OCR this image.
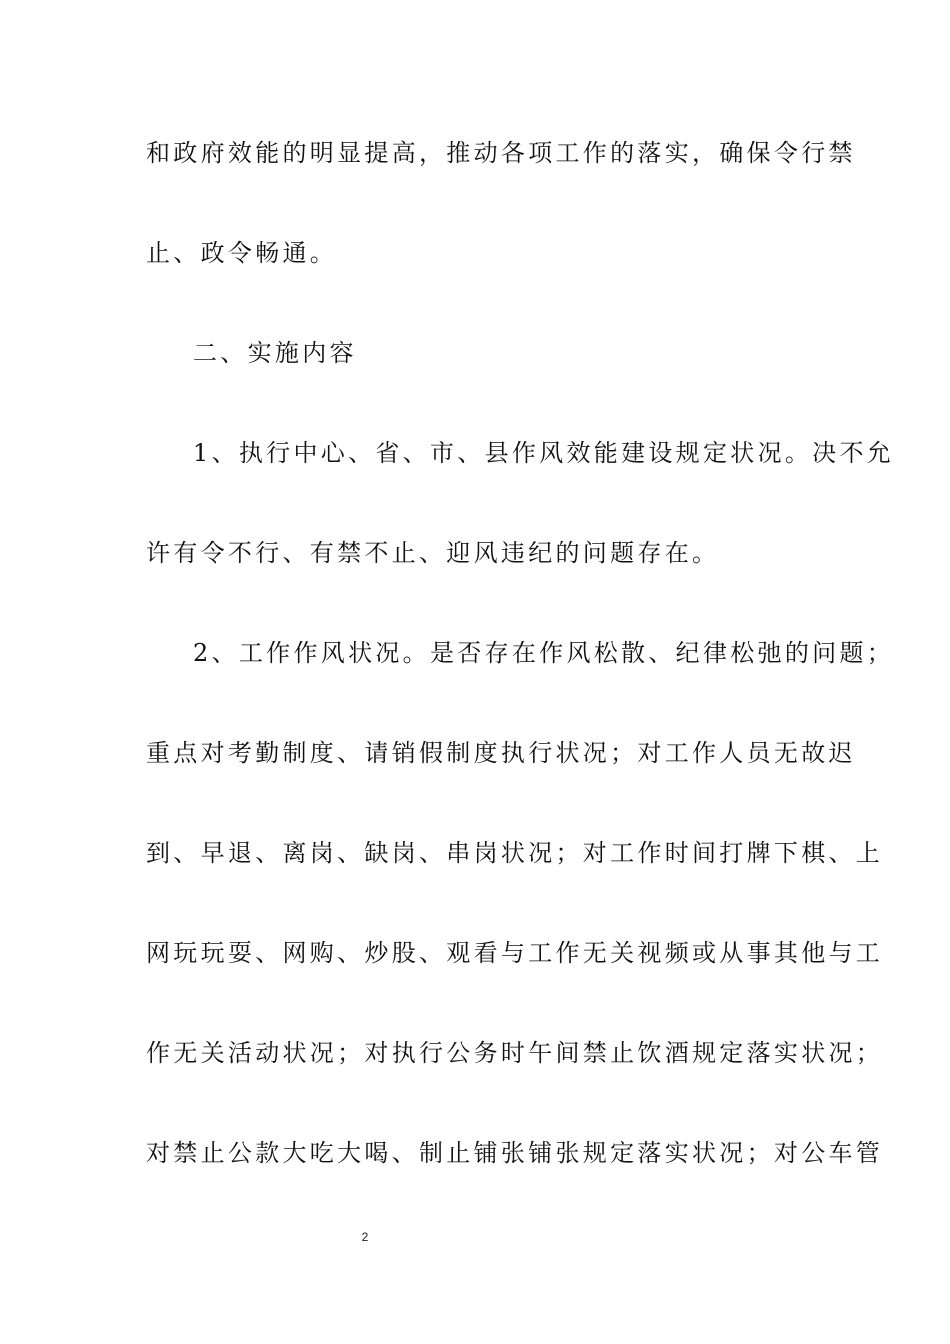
和政府效能的明显提高，推动各项工作的落实，确保令行禁
止、政令畅通。
二、实施内容
1、执行中心、省、市、县作风效能建设规定状况。决不允
许有令不行、有禁不止、迎风违纪的问题存在。
2、工作作风状况。是否存在作风松散、纪律松弛的问题；
重点对考勤制度、请销假制度执行状况；对工作人员无故迟
到、早退、离岗、缺岗、串岗状况；对工作时间打牌下棋、上
网玩玩耍、网购、炒股、观看与工作无关视频或从事其他与工
作无关活动状况；对执行公务时午间禁止饮酒规定落实状况；
对禁止公款大吃大喝、制止铺张铺张规定落实状况；对公车管
2
